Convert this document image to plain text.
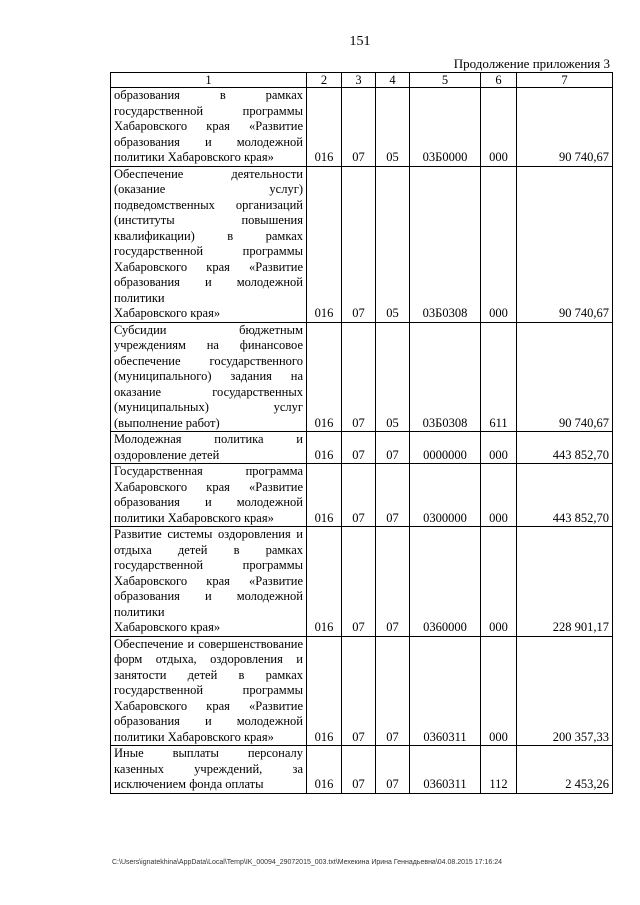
151
Продолжение приложения 3
1	2	3	4	5	6	7
образования в рамках государственной программы Хабаровского края «Развитие образования и молодежной
политики Хабаровского края»	016	07	05	03Б0000	000	90 740,67
Обеспечение деятельности (оказание услуг) подведомственных организаций (институты повышения квалификации) в рамках государственной программы Хабаровского края «Развитие образования и молодежной политики
Хабаровского края»	016	07	05	03Б0308	000	90 740,67
Субсидии бюджетным учреждениям на финансовое обеспечение государственного (муниципального) задания на оказание государственных (муниципальных) услуг
(выполнение работ)	016	07	05	03Б0308	611	90 740,67
Молодежная политика и
оздоровление детей	016	07	07	0000000	000	443 852,70
Государственная программа Хабаровского края «Развитие образования и молодежной
политики Хабаровского края»	016	07	07	0300000	000	443 852,70
Развитие системы оздоровления и отдыха детей в рамках государственной программы Хабаровского края «Развитие образования и молодежной политики
Хабаровского края»	016	07	07	0360000	000	228 901,17
Обеспечение и совершенствование форм отдыха, оздоровления и занятости детей в рамках государственной программы Хабаровского края «Развитие образования и молодежной
политики Хабаровского края»	016	07	07	0360311	000	200 357,33

Иные выплаты персоналу казенных учреждений, за исключением фонда оплаты	016	07	07	0360311	112	2 453,26
C:\Users\ignatekhina\AppData\Local\Temp\IK_00094_29072015_003.txt\Мехекина Ирина Геннадьевна\04.08.2015 17:16:24
